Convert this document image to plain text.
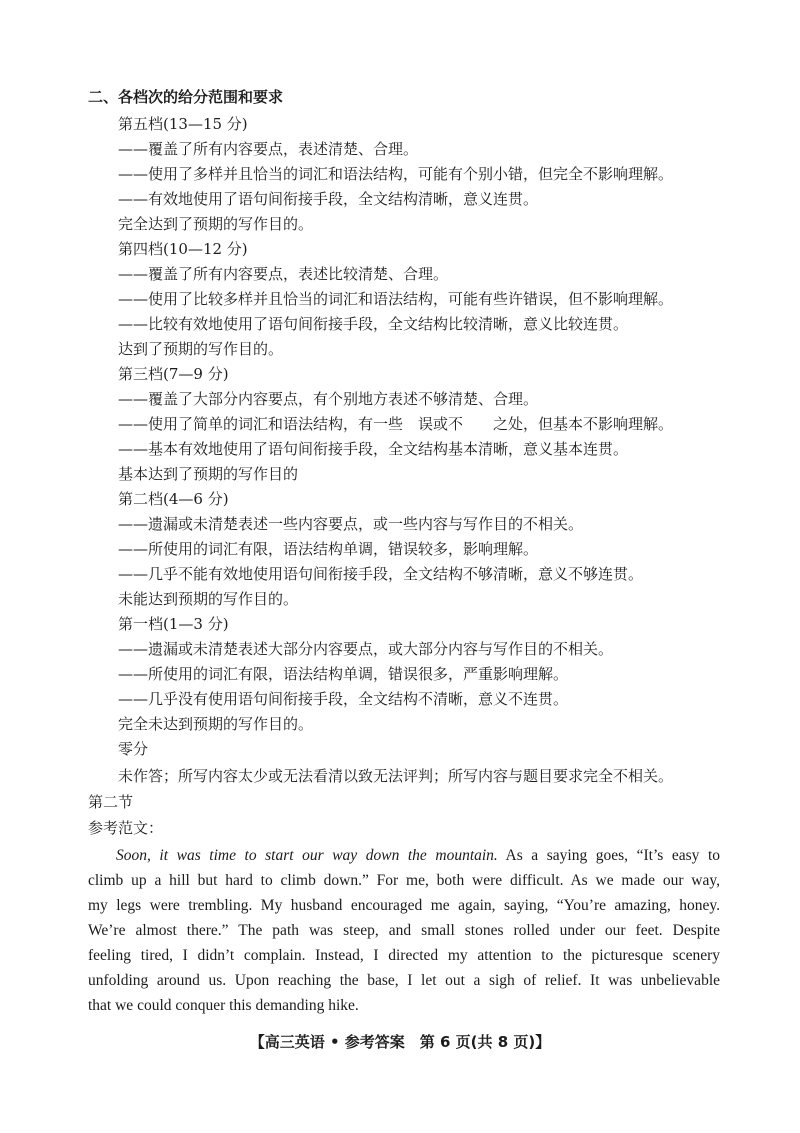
二、各档次的给分范围和要求
第五档(13—15 分)
——覆盖了所有内容要点，表述清楚、合理。
——使用了多样并且恰当的词汇和语法结构，可能有个别小错，但完全不影响理解。
——有效地使用了语句间衔接手段，全文结构清晰，意义连贯。
完全达到了预期的写作目的。
第四档(10—12 分)
——覆盖了所有内容要点，表述比较清楚、合理。
——使用了比较多样并且恰当的词汇和语法结构，可能有些许错误，但不影响理解。
——比较有效地使用了语句间衔接手段，全文结构比较清晰，意义比较连贯。
达到了预期的写作目的。
第三档(7—9 分)
——覆盖了大部分内容要点，有个别地方表述不够清楚、合理。
——使用了简单的词汇和语法结构，有一些　误或不　　之处，但基本不影响理解。
——基本有效地使用了语句间衔接手段，全文结构基本清晰，意义基本连贯。
基本达到了预期的写作目的
第二档(4—6 分)
——遗漏或未清楚表述一些内容要点，或一些内容与写作目的不相关。
——所使用的词汇有限，语法结构单调，错误较多，影响理解。
——几乎不能有效地使用语句间衔接手段，全文结构不够清晰，意义不够连贯。
未能达到预期的写作目的。
第一档(1—3 分)
——遗漏或未清楚表述大部分内容要点，或大部分内容与写作目的不相关。
——所使用的词汇有限，语法结构单调，错误很多，严重影响理解。
——几乎没有使用语句间衔接手段，全文结构不清晰，意义不连贯。
完全未达到预期的写作目的。
零分
未作答；所写内容太少或无法看清以致无法评判；所写内容与题目要求完全不相关。
第二节
参考范文：
Soon, it was time to start our way down the mountain. As a saying goes, “It’s easy to
climb up a hill but hard to climb down.” For me, both were difficult. As we made our way,
my legs were trembling. My husband encouraged me again, saying, “You’re amazing, honey.
We’re almost there.” The path was steep, and small stones rolled under our feet. Despite
feeling tired, I didn’t complain. Instead, I directed my attention to the picturesque scenery
unfolding around us. Upon reaching the base, I let out a sigh of relief. It was unbelievable
that we could conquer this demanding hike.
【高三英语 • 参考答案　第 6 页(共 8 页)】
